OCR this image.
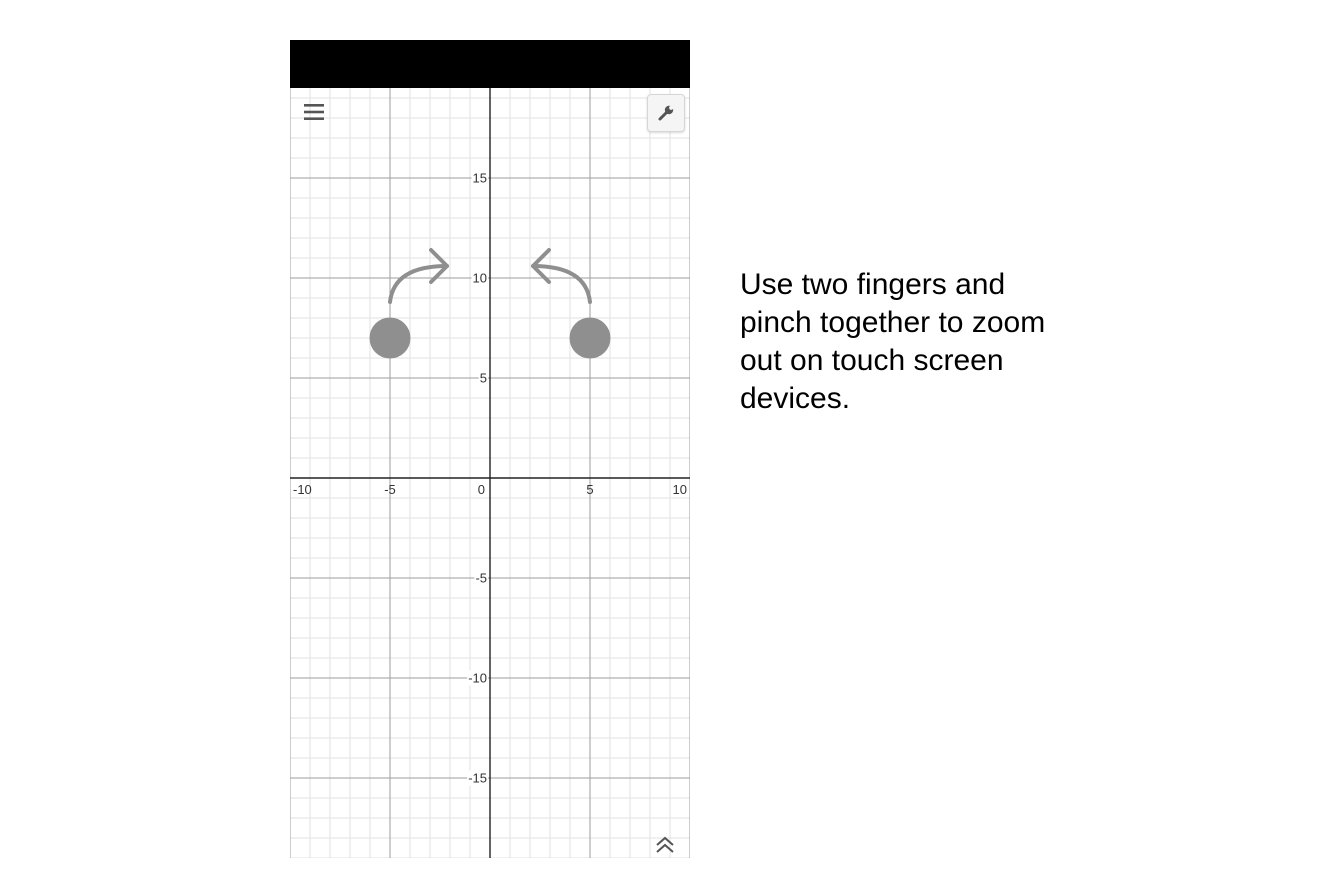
-10	-5	0	5	10
15
10
5
-5
-10
-15
Use two fingers and pinch together to zoom out on touch screen devices.
